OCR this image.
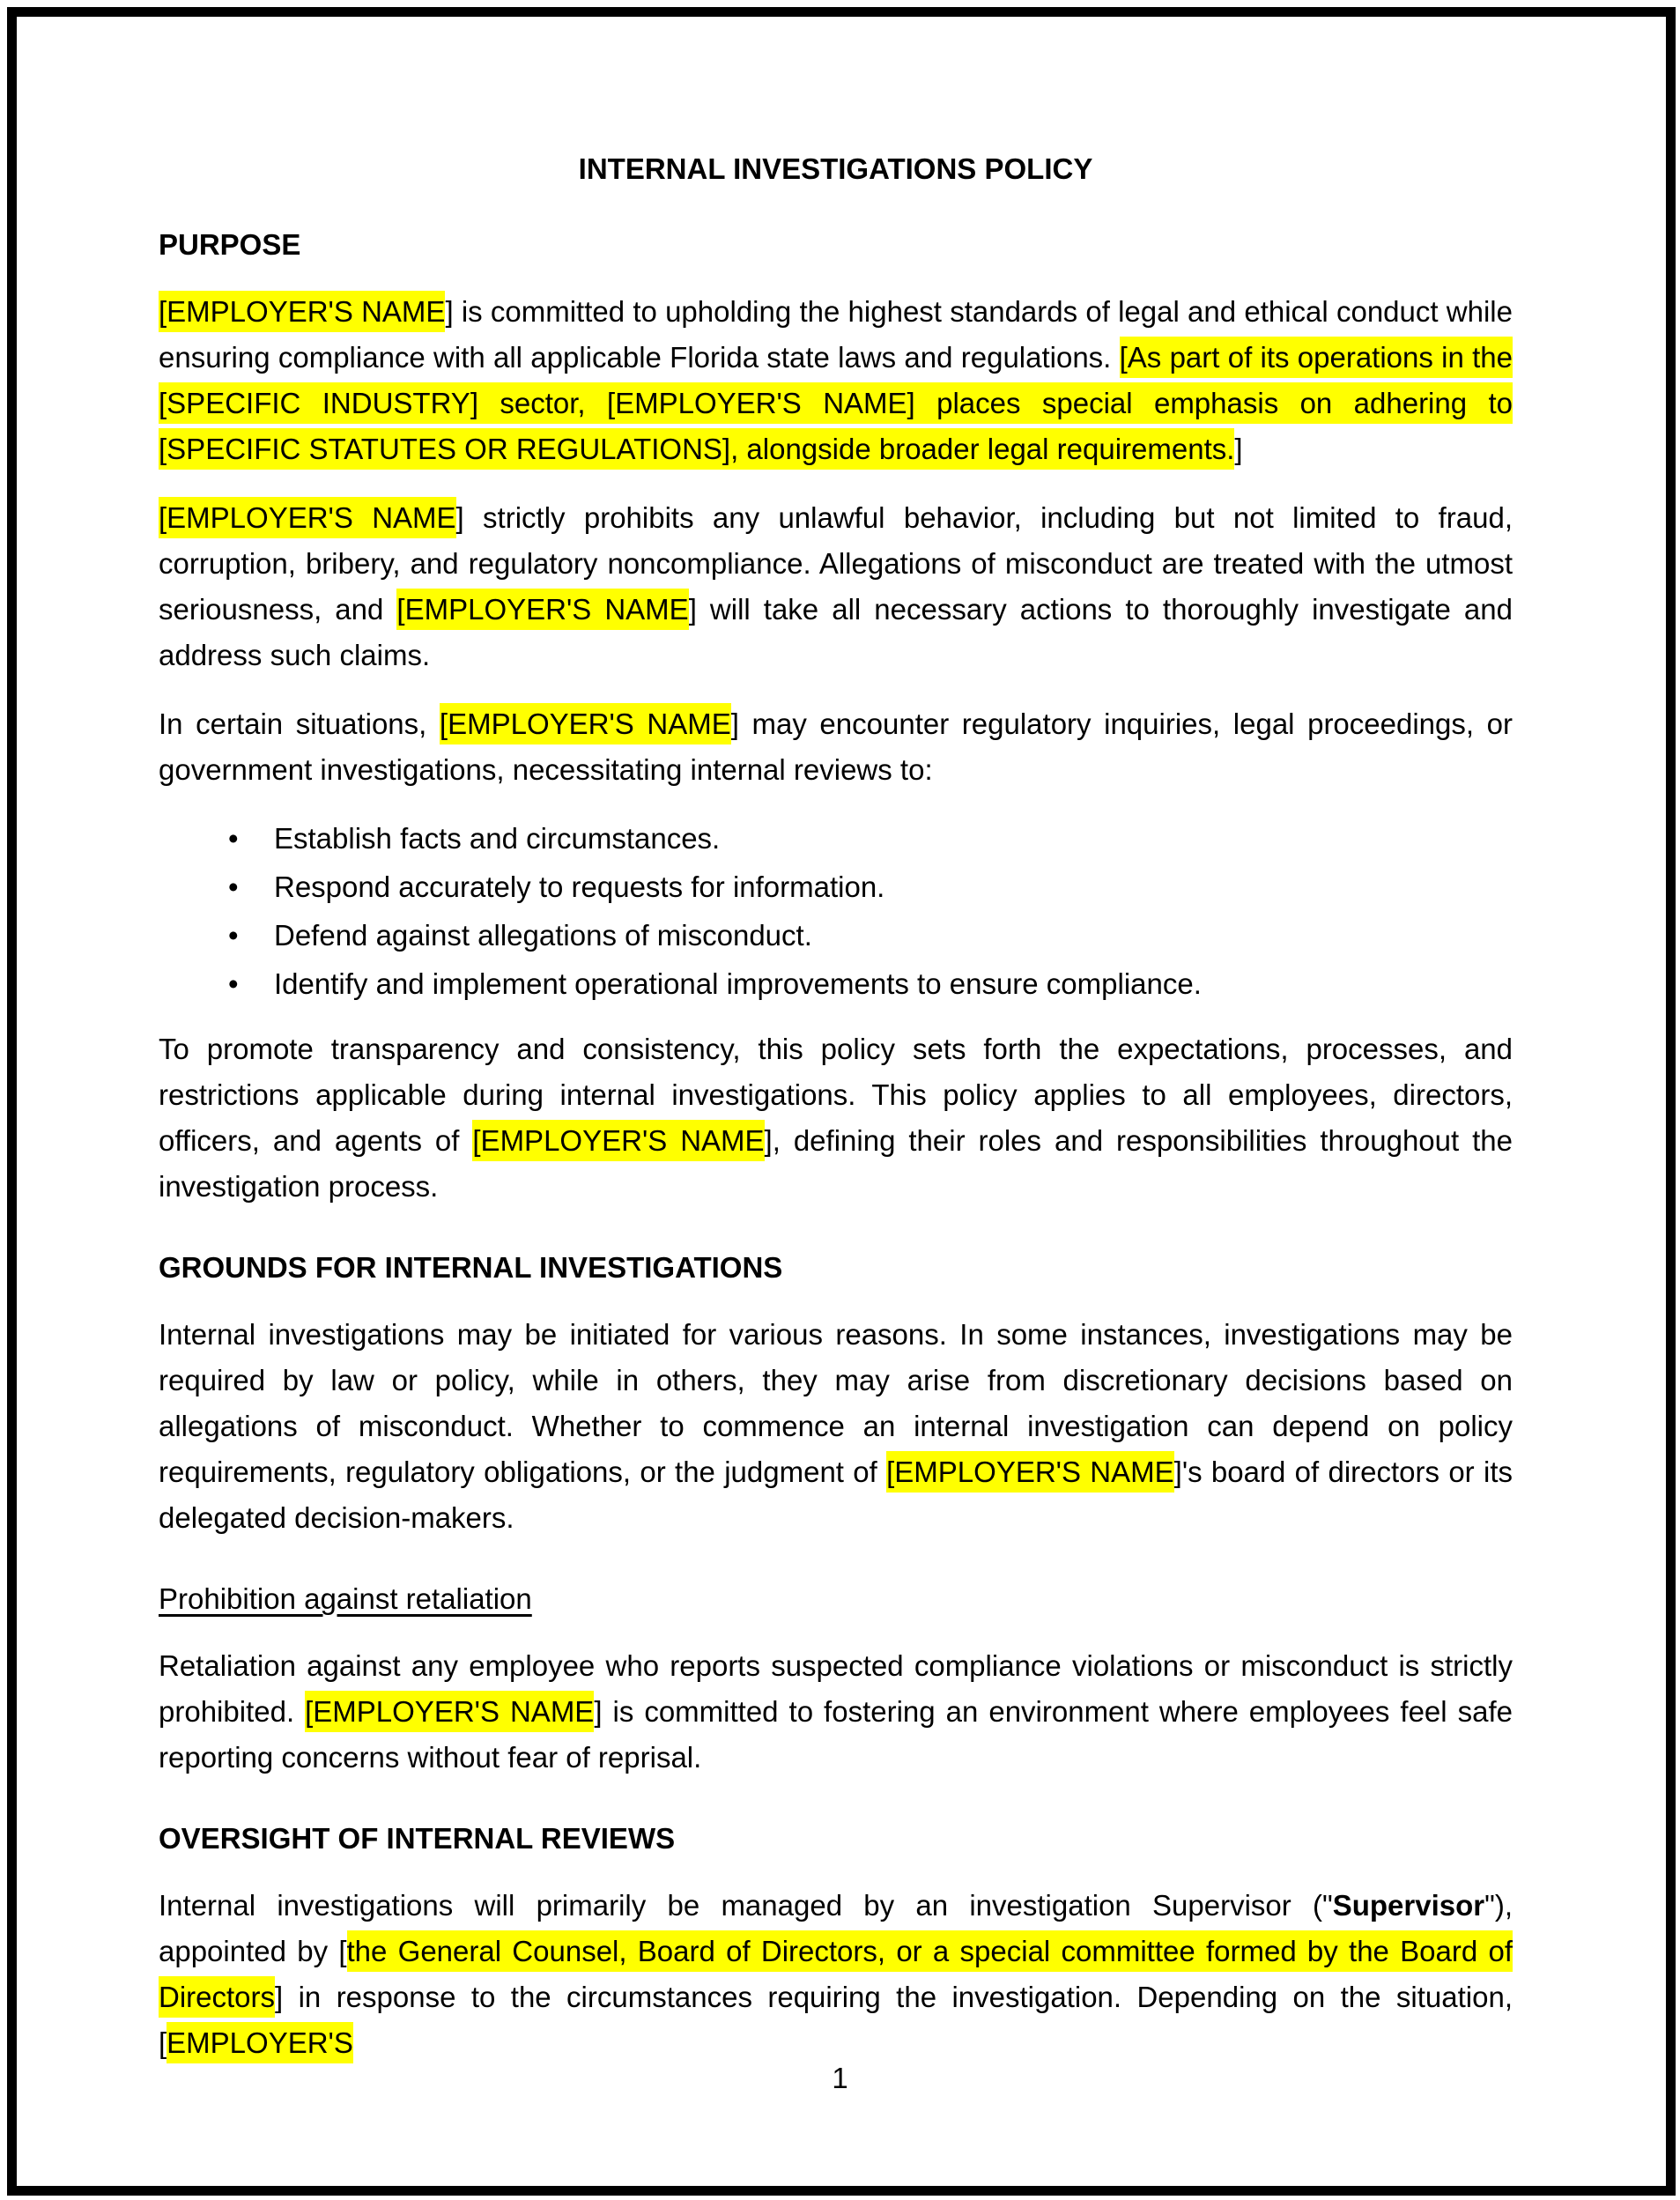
INTERNAL INVESTIGATIONS POLICY
PURPOSE

[EMPLOYER'S NAME] is committed to upholding the highest standards of legal and ethical conduct while ensuring compliance with all applicable Florida state laws and regulations. [As part of its operations in the [SPECIFIC INDUSTRY] sector, [EMPLOYER'S NAME] places special emphasis on adhering to [SPECIFIC STATUTES OR REGULATIONS], alongside broader legal requirements.]

[EMPLOYER'S NAME] strictly prohibits any unlawful behavior, including but not limited to fraud, corruption, bribery, and regulatory noncompliance. Allegations of misconduct are treated with the utmost seriousness, and [EMPLOYER'S NAME] will take all necessary actions to thoroughly investigate and address such claims.

In certain situations, [EMPLOYER'S NAME] may encounter regulatory inquiries, legal proceedings, or government investigations, necessitating internal reviews to:

• Establish facts and circumstances.
• Respond accurately to requests for information.
• Defend against allegations of misconduct.
• Identify and implement operational improvements to ensure compliance.

To promote transparency and consistency, this policy sets forth the expectations, processes, and restrictions applicable during internal investigations. This policy applies to all employees, directors, officers, and agents of [EMPLOYER'S NAME], defining their roles and responsibilities throughout the investigation process.

GROUNDS FOR INTERNAL INVESTIGATIONS

Internal investigations may be initiated for various reasons. In some instances, investigations may be required by law or policy, while in others, they may arise from discretionary decisions based on allegations of misconduct. Whether to commence an internal investigation can depend on policy requirements, regulatory obligations, or the judgment of [EMPLOYER'S NAME]'s board of directors or its delegated decision-makers.

Prohibition against retaliation

Retaliation against any employee who reports suspected compliance violations or misconduct is strictly prohibited. [EMPLOYER'S NAME] is committed to fostering an environment where employees feel safe reporting concerns without fear of reprisal.

OVERSIGHT OF INTERNAL REVIEWS

Internal investigations will primarily be managed by an investigation Supervisor ("Supervisor"), appointed by [the General Counsel, Board of Directors, or a special committee formed by the Board of Directors] in response to the circumstances requiring the investigation. Depending on the situation, [EMPLOYER'S

1
